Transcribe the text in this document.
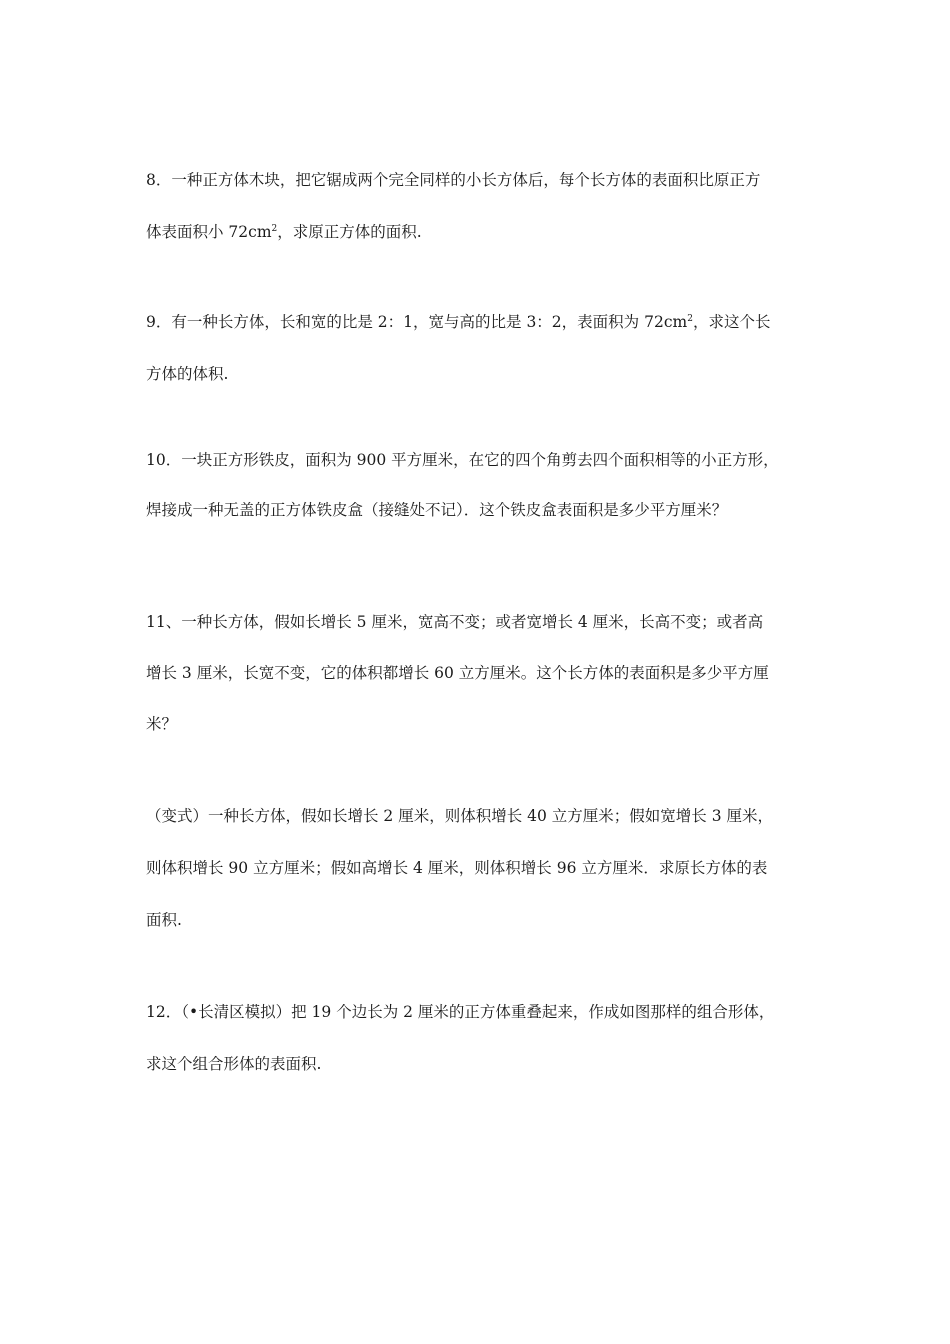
8．一种正方体木块，把它锯成两个完全同样的小长方体后，每个长方体的表面积比原正方
体表面积小 $72cm^2$，求原正方体的面积.
9．有一种长方体，长和宽的比是 2：1，宽与高的比是 3：2，表面积为 $72cm^2$，求这个长
方体的体积.
10．一块正方形铁皮，面积为 900 平方厘米，在它的四个角剪去四个面积相等的小正方形，
焊接成一种无盖的正方体铁皮盒（接缝处不记）．这个铁皮盒表面积是多少平方厘米？
11、一种长方体，假如长增长 5 厘米，宽高不变；或者宽增长 4 厘米，长高不变；或者高
增长 3 厘米，长宽不变，它的体积都增长 60 立方厘米。这个长方体的表面积是多少平方厘
米？
（变式）一种长方体，假如长增长 2 厘米，则体积增长 40 立方厘米；假如宽增长 3 厘米，
则体积增长 90 立方厘米；假如高增长 4 厘米，则体积增长 96 立方厘米．求原长方体的表
面积.
12．（•长清区模拟）把 19 个边长为 2 厘米的正方体重叠起来，作成如图那样的组合形体，
求这个组合形体的表面积.
